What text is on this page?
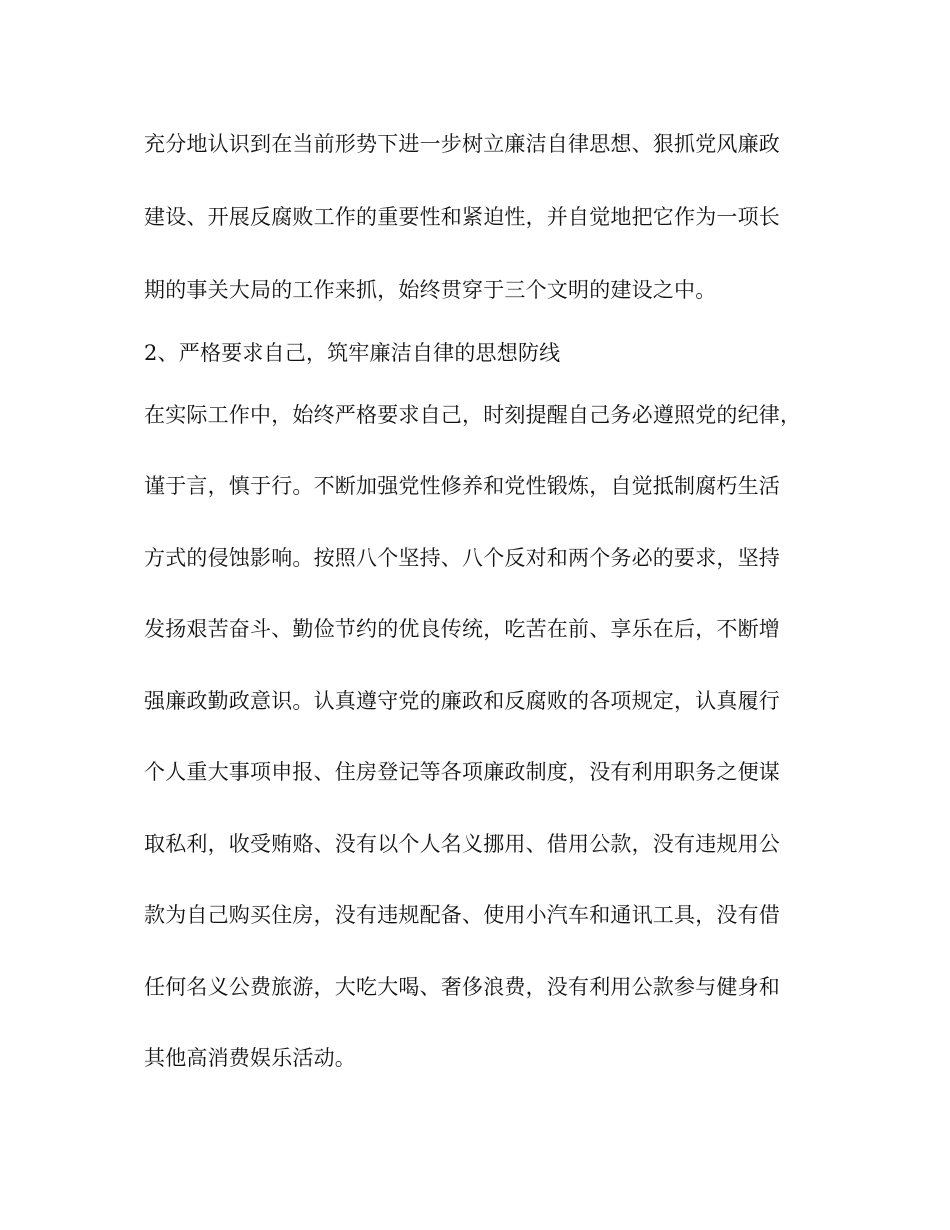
充分地认识到在当前形势下进一步树立廉洁自律思想、狠抓党风廉政
建设、开展反腐败工作的重要性和紧迫性，并自觉地把它作为一项长
期的事关大局的工作来抓，始终贯穿于三个文明的建设之中。
2、严格要求自己，筑牢廉洁自律的思想防线
在实际工作中，始终严格要求自己，时刻提醒自己务必遵照党的纪律，
谨于言，慎于行。不断加强党性修养和党性锻炼，自觉抵制腐朽生活
方式的侵蚀影响。按照八个坚持、八个反对和两个务必的要求，坚持
发扬艰苦奋斗、勤俭节约的优良传统，吃苦在前、享乐在后，不断增
强廉政勤政意识。认真遵守党的廉政和反腐败的各项规定，认真履行
个人重大事项申报、住房登记等各项廉政制度，没有利用职务之便谋
取私利，收受贿赂、没有以个人名义挪用、借用公款，没有违规用公
款为自己购买住房，没有违规配备、使用小汽车和通讯工具，没有借
任何名义公费旅游，大吃大喝、奢侈浪费，没有利用公款参与健身和
其他高消费娱乐活动。
